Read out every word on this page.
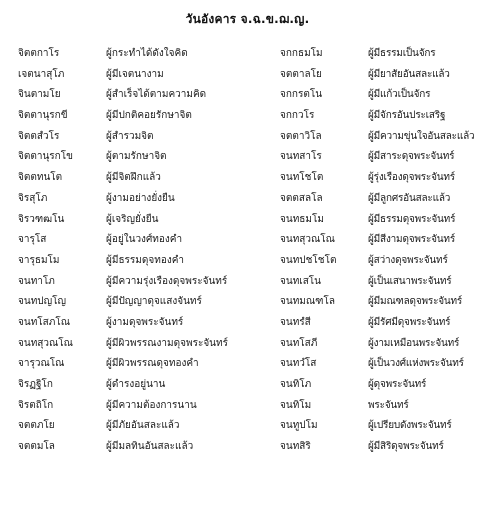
วันอังคาร จ.ฉ.ข.ฌ.ญ.
จิตตกาโร	ผู้กระทำได้ดังใจคิด	จกกธมโม	ผู้มีธรรมเป็นจักร
เจตนาสุโภ	ผู้มีเจตนางาม	จตตาลโย	ผู้มียาสัยอันสละแล้ว
จินตามโย	ผู้สำเร็จได้ตามความคิด	จกกรตโน	ผู้มีแก้วเป็นจักร
จิตตานุรกขี	ผู้มีปกติคอยรักษาจิต	จกกวโร	ผู้มีจักรอันประเสริฐ
จิตตสํวโร	ผู้สำรวมจิต	จตตาวิโล	ผู้มีความขุ่นใจอันสละแล้ว
จิตตานุรกโข	ผู้ตามรักษาจิต	จนทสาโร	ผู้มีสาระดุจพระจันทร์
จิตตทนโต	ผู้มีจิตฝึกแล้ว	จนทโชโต	ผู้รุ่งเรืองดุจพระจันทร์
จิรสุโภ	ผู้งามอย่างยั่งยืน	จตตสลโล	ผู้มีลูกศรอันสละแล้ว
จิรวฑฒโน	ผู้เจริญยั่งยืน	จนทธมโม	ผู้มีธรรมดุจพระจันทร์
จารุโส	ผู้อยู่ในวงศ์ทองคำ	จนทสุวณโณ	ผู้มีสีงามดุจพระจันทร์
จารุธมโม	ผู้มีธรรมดุจทองคำ	จนทปชโชโต	ผู้สว่างดุจพระจันทร์
จนทาโภ	ผู้มีความรุ่งเรืองดุจพระจันทร์	จนทเสโน	ผู้เป็นเสนาพระจันทร์
จนทปญโญ	ผู้มีปัญญาดุจแสงจันทร์	จนทมณฑโล	ผู้มีมณฑลดุจพระจันทร์
จนทโสภโณ	ผู้งามดุจพระจันทร์	จนทรํสี	ผู้มีรัศมีดุจพระจันทร์
จนทสุวณโณ	ผู้มีผิวพรรณงามดุจพระจันทร์	จนทโสภี	ผู้งามเหมือนพระจันทร์
จารุวณโณ	ผู้มีผิวพรรณดุจทองคำ	จนทวํโส	ผู้เป็นวงศ์แห่งพระจันทร์
จิรฏฐิโก	ผู้ดำรงอยู่นาน	จนทิโภ	ผู้ดุจพระจันทร์
จิรตถิโก	ผู้มีความต้องการนาน	จนทิโม	พระจันทร์
จตตภโย	ผู้มีภัยอันสละแล้ว	จนทูปโม	ผู้เปรียบดังพระจันทร์
จตตมโล	ผู้มีมลทินอันสละแล้ว	จนทสิริ	ผู้มีสิริดุจพระจันทร์
